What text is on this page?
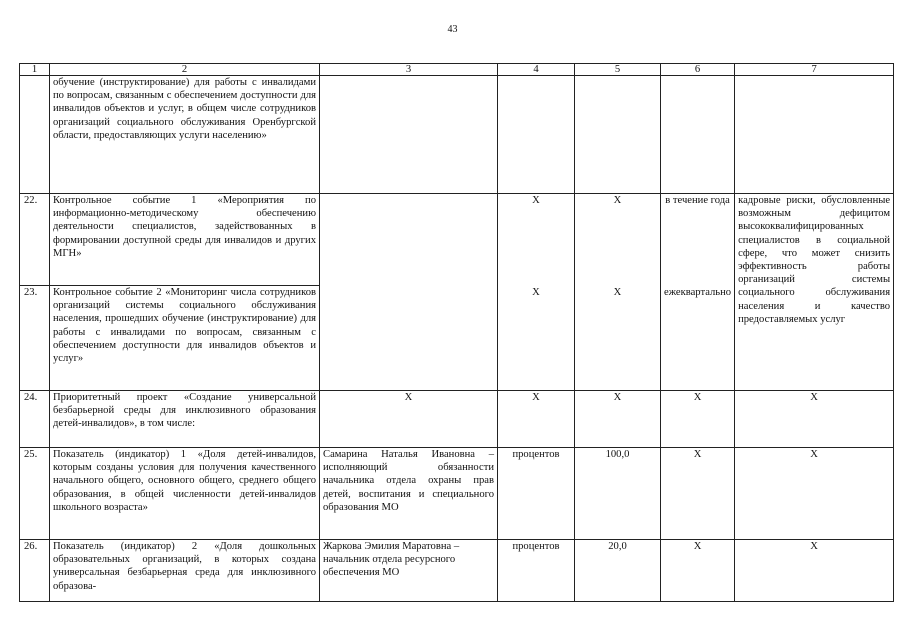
43
1	2	3	4	5	6	7
	обучение (инструктирование) для работы с инвалидами по вопросам, связанным с обеспечением доступности для инвалидов объектов и услуг, в общем числе сотрудников организаций социального обслуживания Оренбургской области, предоставляющих услуги населению»					
22.	Контрольное событие 1 «Мероприятия по информационно-методическому обеспечению деятельности специалистов, задействованных в формировании доступной среды для инвалидов и других МГН»		X	X	в течение года	кадровые риски, обусловленные возможным дефицитом высококвалифицированных специалистов в социальной сфере, что может снизить эффективность работы организаций системы социального обслуживания населения и качество предоставляемых услуг
23.	Контрольное событие 2 «Мониторинг числа сотрудников организаций системы социального обслуживания населения, прошедших обучение (инструктирование) для работы с инвалидами по вопросам, связанным с обеспечением доступности для инвалидов объектов и услуг»		X	X	ежеквартально	
24.	Приоритетный проект «Создание универсальной безбарьерной среды для инклюзивного образования детей-инвалидов», в том числе:	X	X	X	X	X
25.	Показатель (индикатор) 1 «Доля детей-инвалидов, которым созданы условия для получения качественного начального общего, основного общего, среднего общего образования, в общей численности детей-инвалидов школьного возраста»	Самарина Наталья Ивановна – исполняющий обязанности начальника отдела охраны прав детей, воспитания и специального образования МО	процентов	100,0	X	X
26.	Показатель (индикатор) 2 «Доля дошкольных образовательных организаций, в которых создана универсальная безбарьерная среда для инклюзивного образова-	Жаркова Эмилия Маратовна – начальник отдела ресурсного обеспечения МО	процентов	20,0	X	X
